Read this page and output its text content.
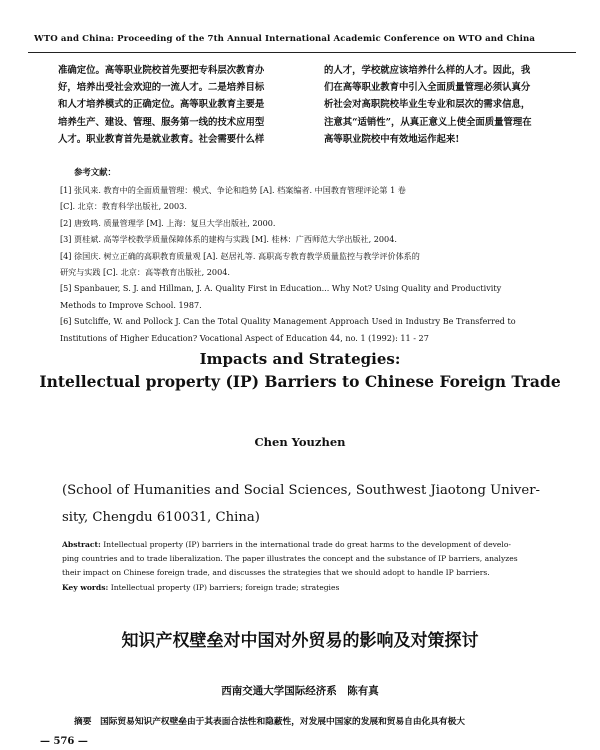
WTO and China: Proceeding of the 7th Annual International Academic Conference on WTO and China
准确定位。高等职业院校首先要把专科层次教育办
好，培养出受社会欢迎的一流人才。二是培养目标
和人才培养模式的正确定位。高等职业教育主要是
培养生产、建设、管理、服务第一线的技术应用型
人才。职业教育首先是就业教育。社会需要什么样
的人才，学校就应该培养什么样的人才。因此，我
们在高等职业教育中引入全面质量管理必须认真分
析社会对高职院校毕业生专业和层次的需求信息，
注意其“适销性”，从真正意义上使全面质量管理在
高等职业院校中有效地运作起来!
参考文献：
[1] 张风来. 教育中的全面质量管理：模式、争论和趋势 [A]. 档案编者. 中国教育管理评论第 1 卷
[C]. 北京：教育科学出版社, 2003.
[2] 唐致鸣. 质量管理学 [M]. 上海：复旦大学出版社, 2000.
[3] 贾桂斌. 高等学校教学质量保障体系的建构与实践 [M]. 桂林：广西师范大学出版社, 2004.
[4] 徐国庆. 树立正确的高职教育质量观 [A]. 赵居礼等. 高职高专教育教学质量监控与教学评价体系的
研究与实践 [C]. 北京：高等教育出版社, 2004.
[5] Spanbauer, S. J. and Hillman, J. A. Quality First in Education... Why Not? Using Quality and Productivity
Methods to Improve School. 1987.
[6] Sutcliffe, W. and Pollock J. Can the Total Quality Management Approach Used in Industry Be Transferred to
Institutions of Higher Education? Vocational Aspect of Education 44, no. 1 (1992): 11 - 27
Impacts and Strategies:
Intellectual property (IP) Barriers to Chinese Foreign Trade
Chen Youzhen
(School of Humanities and Social Sciences, Southwest Jiaotong Univer-
sity, Chengdu 610031, China)
Abstract: Intellectual property (IP) barriers in the international trade do great harms to the development of develo-
ping countries and to trade liberalization. The paper illustrates the concept and the substance of IP barriers, analyzes
their impact on Chinese foreign trade, and discusses the strategies that we should adopt to handle IP barriers.
Key words: Intellectual property (IP) barriers; foreign trade; strategies
知识产权壁垒对中国对外贸易的影响及对策探讨
西南交通大学国际经济系　陈有真
摘要　国际贸易知识产权壁垒由于其表面合法性和隐蔽性，对发展中国家的发展和贸易自由化具有极大
— 576 —
